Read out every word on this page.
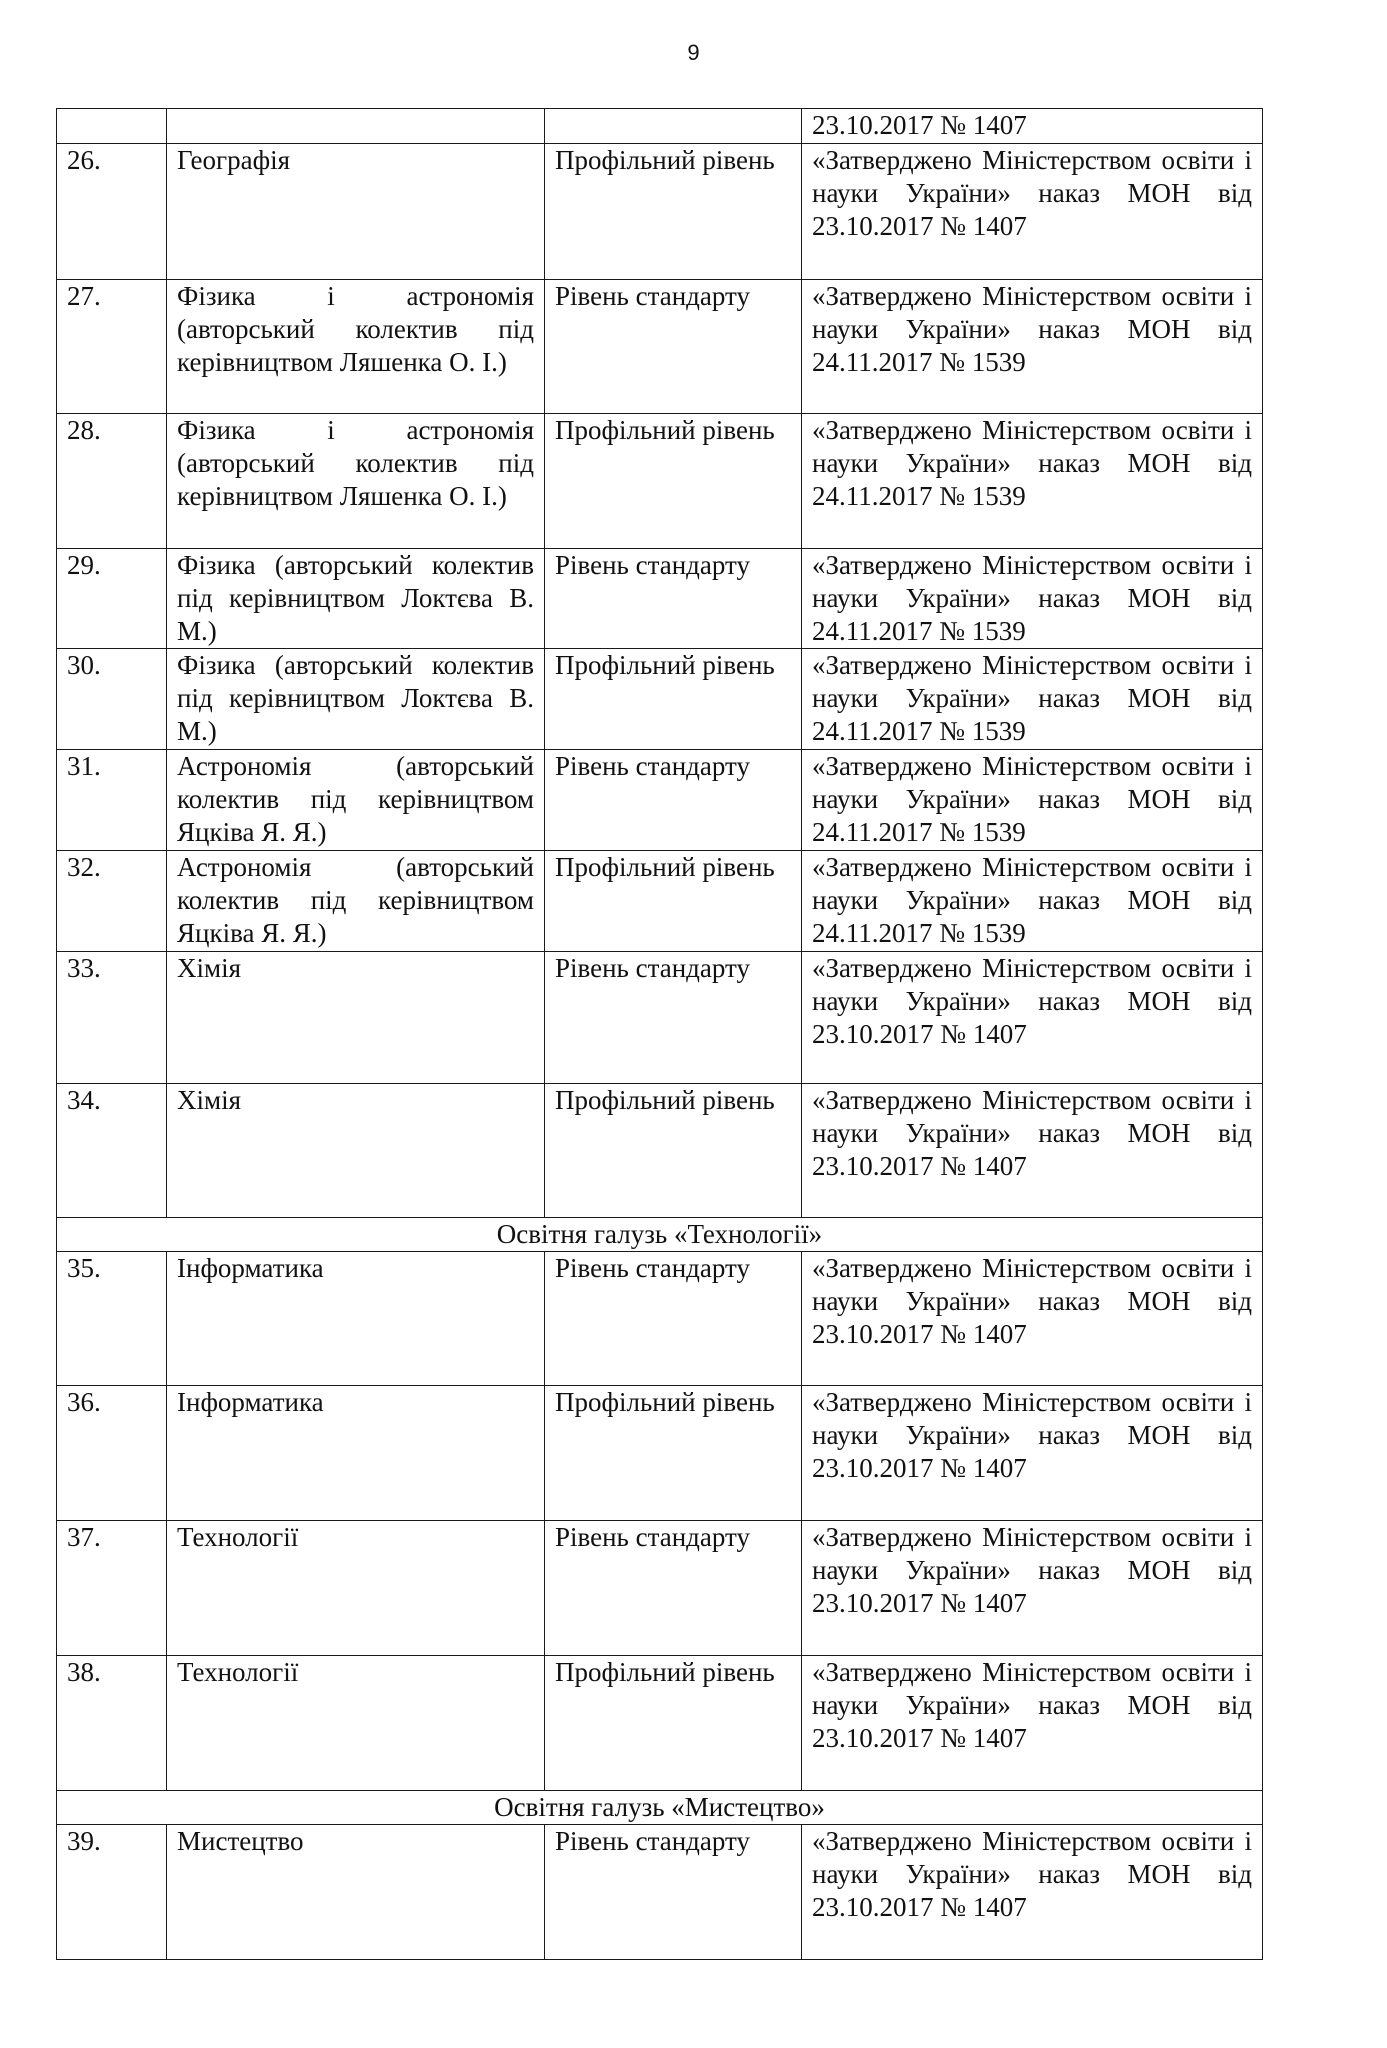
9
			23.10.2017 № 1407
26.	Географія	Профільний рівень	«Затверджено Міністерством освіти і науки України» наказ МОН від 23.10.2017 № 1407
27.	Фізика і астрономія (авторський колектив під керівництвом Ляшенка О. І.)	Рівень стандарту	«Затверджено Міністерством освіти і науки України» наказ МОН від 24.11.2017 № 1539
28.	Фізика і астрономія (авторський колектив під керівництвом Ляшенка О. І.)	Профільний рівень	«Затверджено Міністерством освіти і науки України» наказ МОН від 24.11.2017 № 1539
29.	Фізика (авторський колектив під керівництвом Локтєва В. М.)	Рівень стандарту	«Затверджено Міністерством освіти і науки України» наказ МОН від 24.11.2017 № 1539
30.	Фізика (авторський колектив під керівництвом Локтєва В. М.)	Профільний рівень	«Затверджено Міністерством освіти і науки України» наказ МОН від 24.11.2017 № 1539
31.	Астрономія (авторський колектив під керівництвом Яцківа Я. Я.)	Рівень стандарту	«Затверджено Міністерством освіти і науки України» наказ МОН від 24.11.2017 № 1539
32.	Астрономія (авторський колектив під керівництвом Яцківа Я. Я.)	Профільний рівень	«Затверджено Міністерством освіти і науки України» наказ МОН від 24.11.2017 № 1539
33.	Хімія	Рівень стандарту	«Затверджено Міністерством освіти і науки України» наказ МОН від 23.10.2017 № 1407
34.	Хімія	Профільний рівень	«Затверджено Міністерством освіти і науки України» наказ МОН від 23.10.2017 № 1407
Освітня галузь «Технології»			
35.	Інформатика	Рівень стандарту	«Затверджено Міністерством освіти і науки України» наказ МОН від 23.10.2017 № 1407
36.	Інформатика	Профільний рівень	«Затверджено Міністерством освіти і науки України» наказ МОН від 23.10.2017 № 1407
37.	Технології	Рівень стандарту	«Затверджено Міністерством освіти і науки України» наказ МОН від 23.10.2017 № 1407
38.	Технології	Профільний рівень	«Затверджено Міністерством освіти і науки України» наказ МОН від 23.10.2017 № 1407
Освітня галузь «Мистецтво»			
39.	Мистецтво	Рівень стандарту	«Затверджено Міністерством освіти і науки України» наказ МОН від 23.10.2017 № 1407
